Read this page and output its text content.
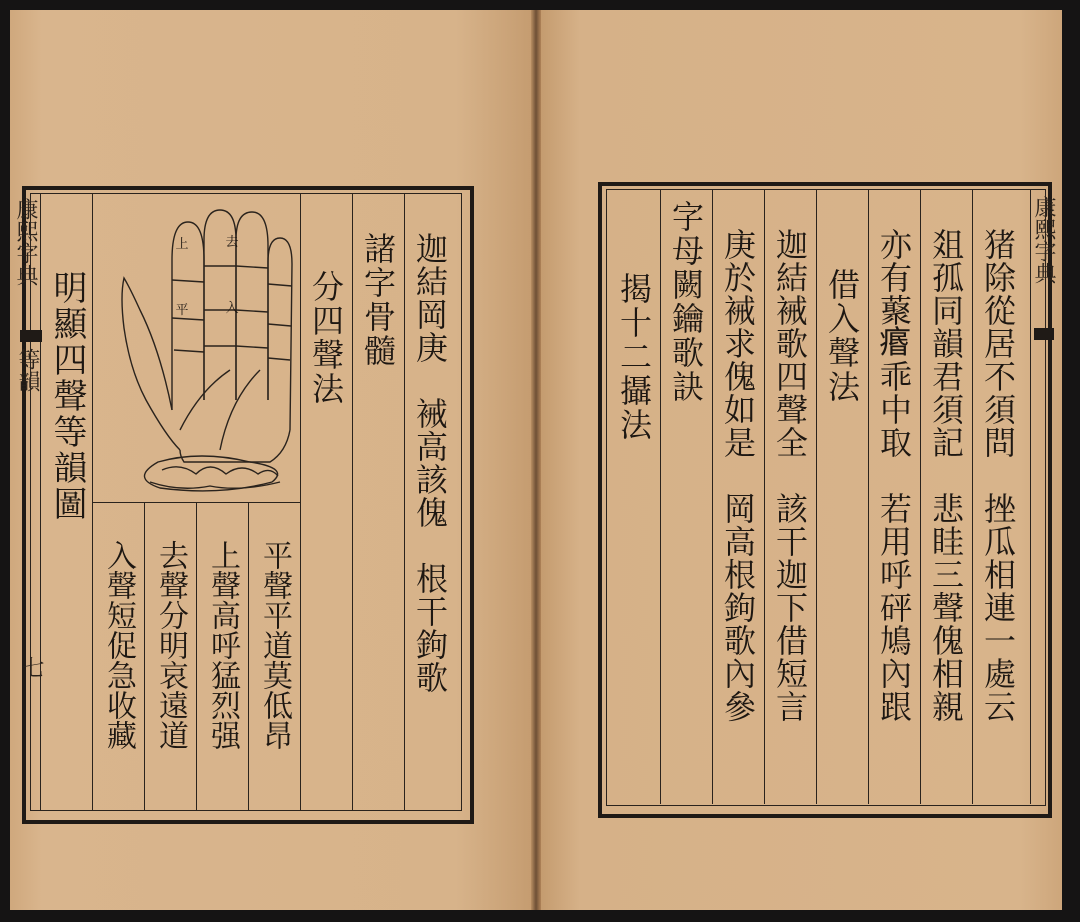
康熙字典
等韻
七
明顯四聲等韻圖
上	去
平	入
平聲平道莫低昂
上聲高呼猛烈强
去聲分明哀遠道
入聲短促急收藏	迦結岡庚　裓高該傀　根干鉤歌
諸字骨髓
分四聲法
康熙字典
猪除從居不須問　挫瓜相連一處云
爼孤同韻君須記　悲眭三聲傀相親
亦有藂𤸅乖中取　若用呼砰鳩內跟
借入聲法
迦結裓歌四聲全　該干迦下借短言
庚於裓求傀如是　岡高根鉤歌內參
字母闕鑰歌訣
揭十二攝法
